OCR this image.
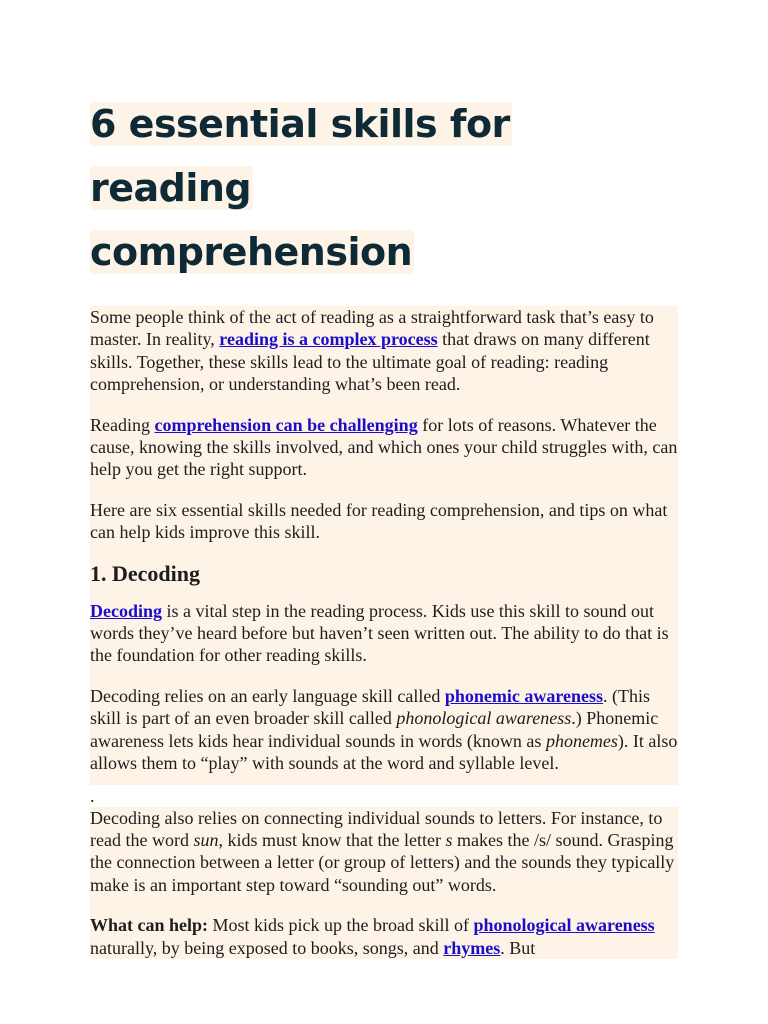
6 essential skills for reading
comprehension

Some people think of the act of reading as a straightforward task that’s easy to master. In reality, reading is a complex process that draws on many different skills. Together, these skills lead to the ultimate goal of reading: reading comprehension, or understanding what’s been read.

Reading comprehension can be challenging for lots of reasons. Whatever the cause, knowing the skills involved, and which ones your child struggles with, can help you get the right support.

Here are six essential skills needed for reading comprehension, and tips on what can help kids improve this skill.

1. Decoding

Decoding is a vital step in the reading process. Kids use this skill to sound out words they’ve heard before but haven’t seen written out. The ability to do that is the foundation for other reading skills.

Decoding relies on an early language skill called phonemic awareness. (This skill is part of an even broader skill called phonological awareness.) Phonemic awareness lets kids hear individual sounds in words (known as phonemes). It also allows them to “play” with sounds at the word and syllable level.

.

Decoding also relies on connecting individual sounds to letters. For instance, to read the word sun, kids must know that the letter s makes the /s/ sound. Grasping the connection between a letter (or group of letters) and the sounds they typically make is an important step toward “sounding out” words.

What can help: Most kids pick up the broad skill of phonological awareness naturally, by being exposed to books, songs, and rhymes. But
